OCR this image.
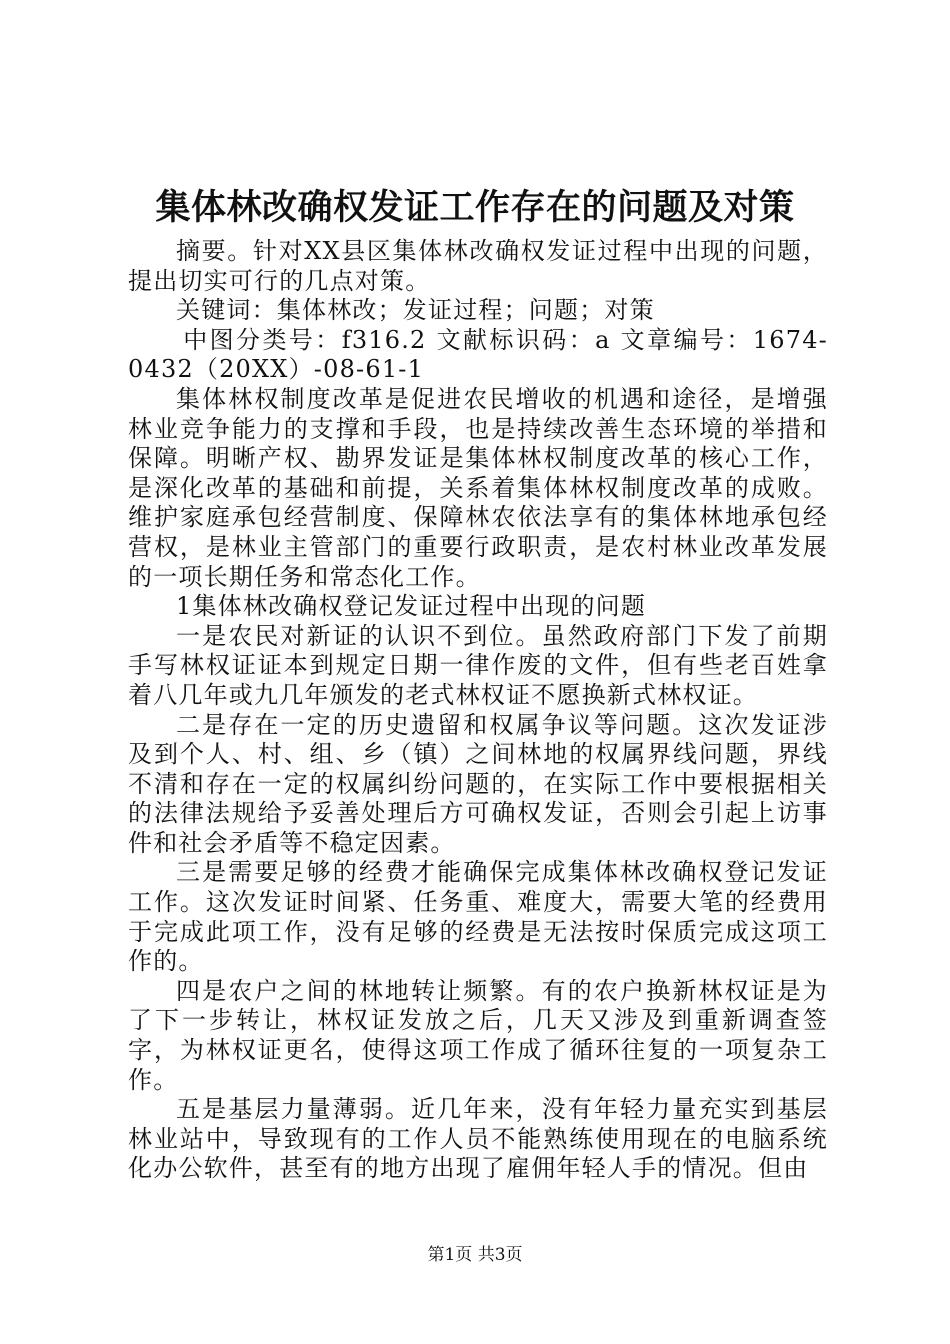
集体林改确权发证工作存在的问题及对策

摘要。针对XX县区集体林改确权发证过程中出现的问题，提出切实可行的几点对策。

关键词：集体林改；发证过程；问题；对策

中图分类号：f316.2 文献标识码：a 文章编号：1674-0432（20XX）-08-61-1

集体林权制度改革是促进农民增收的机遇和途径，是增强林业竞争能力的支撑和手段，也是持续改善生态环境的举措和保障。明晰产权、勘界发证是集体林权制度改革的核心工作，是深化改革的基础和前提，关系着集体林权制度改革的成败。维护家庭承包经营制度、保障林农依法享有的集体林地承包经营权，是林业主管部门的重要行政职责，是农村林业改革发展的一项长期任务和常态化工作。

1集体林改确权登记发证过程中出现的问题

一是农民对新证的认识不到位。虽然政府部门下发了前期手写林权证证本到规定日期一律作废的文件，但有些老百姓拿着八几年或九几年颁发的老式林权证不愿换新式林权证。

二是存在一定的历史遗留和权属争议等问题。这次发证涉及到个人、村、组、乡（镇）之间林地的权属界线问题，界线不清和存在一定的权属纠纷问题的，在实际工作中要根据相关的法律法规给予妥善处理后方可确权发证，否则会引起上访事件和社会矛盾等不稳定因素。

三是需要足够的经费才能确保完成集体林改确权登记发证工作。这次发证时间紧、任务重、难度大，需要大笔的经费用于完成此项工作，没有足够的经费是无法按时保质完成这项工作的。

四是农户之间的林地转让频繁。有的农户换新林权证是为了下一步转让，林权证发放之后，几天又涉及到重新调查签字，为林权证更名，使得这项工作成了循环往复的一项复杂工作。

五是基层力量薄弱。近几年来，没有年轻力量充实到基层林业站中，导致现有的工作人员不能熟练使用现在的电脑系统化办公软件，甚至有的地方出现了雇佣年轻人手的情况。但由

第1页 共3页
